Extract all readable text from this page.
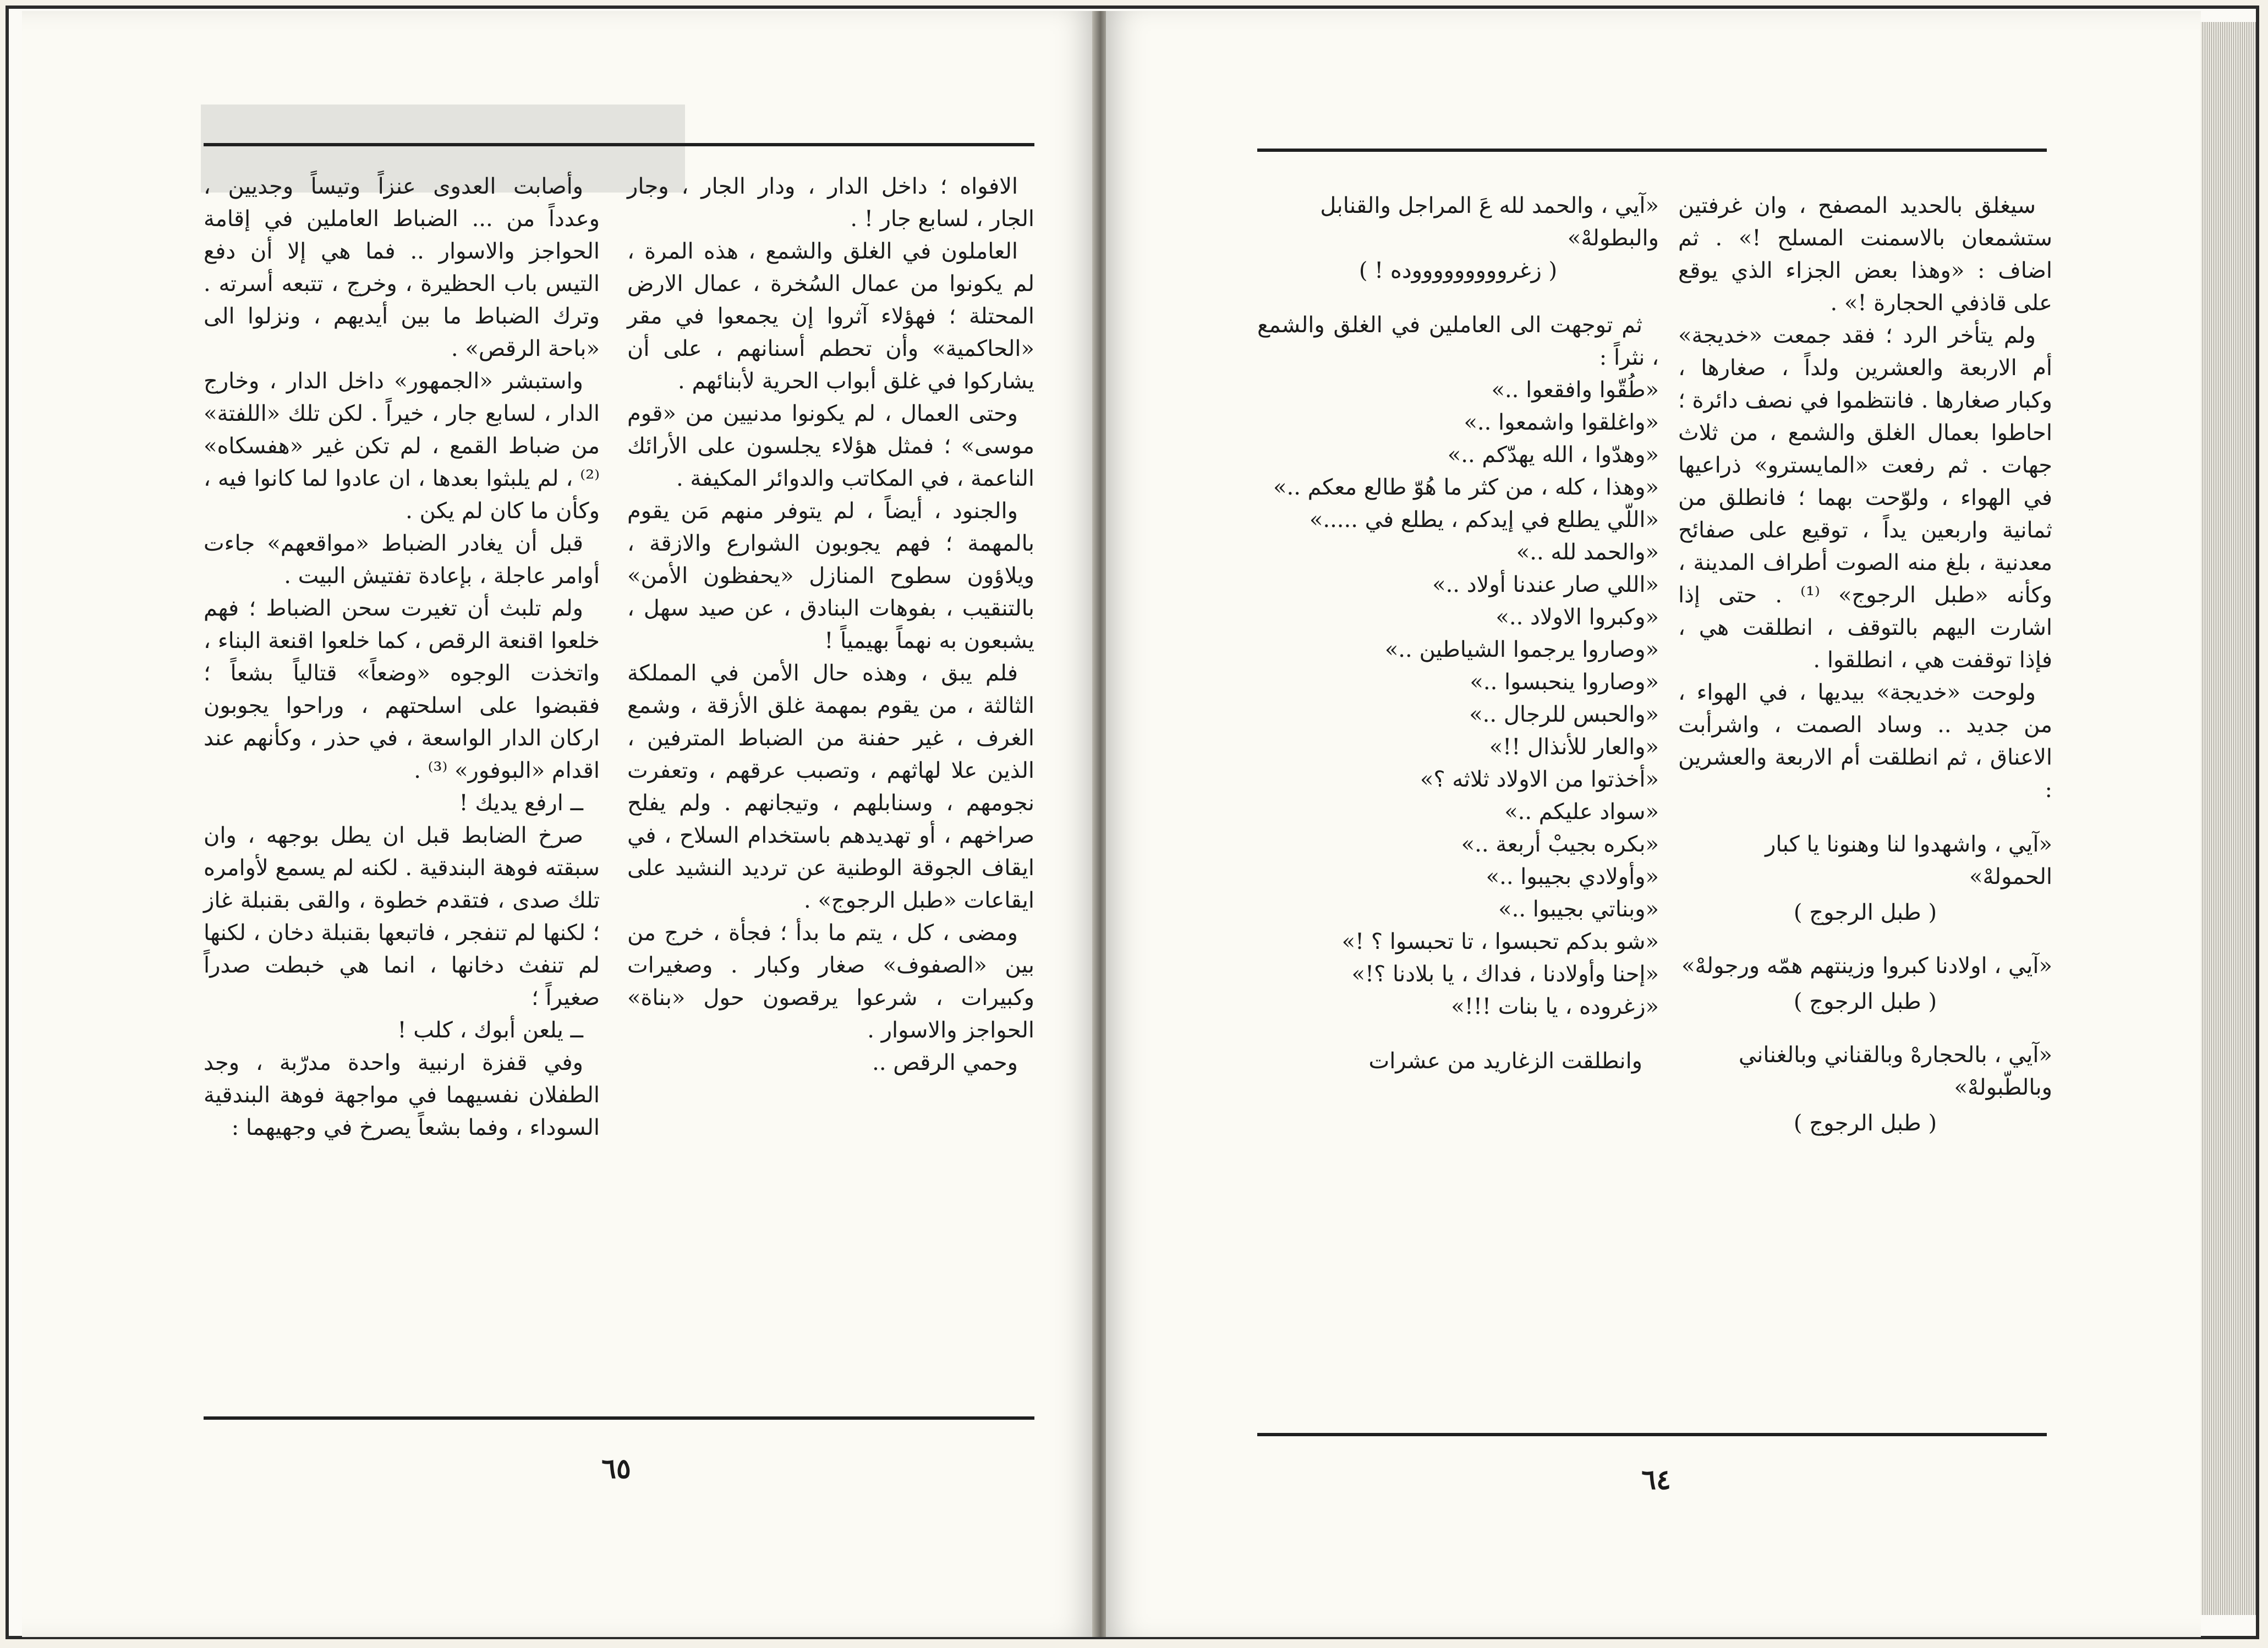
الافواه ؛ داخل الدار ، ودار الجار ، وجار الجار ، لسابع جار ! .

العاملون في الغلق والشمع ، هذه المرة ، لم يكونوا من عمال السُخرة ، عمال الارض المحتلة ؛ فهؤلاء آثروا إن يجمعوا في مقر «الحاكمية» وأن تحطم أسنانهم ، على أن يشاركوا في غلق أبواب الحرية لأبنائهم .

وحتى العمال ، لم يكونوا مدنيين من «قوم موسى» ؛ فمثل هؤلاء يجلسون على الأرائك الناعمة ، في المكاتب والدوائر المكيفة .

والجنود ، أيضاً ، لم يتوفر منهم مَن يقوم بالمهمة ؛ فهم يجوبون الشوارع والازقة ، ويلاؤون سطوح المنازل «يحفظون الأمن» بالتنقيب ، بفوهات البنادق ، عن صيد سهل ، يشبعون به نهماً بهيمياً !

فلم يبق ، وهذه حال الأمن في المملكة الثالثة ، من يقوم بمهمة غلق الأزقة ، وشمع الغرف ، غير حفنة من الضباط المترفين ، الذين علا لهاثهم ، وتصبب عرقهم ، وتعفرت نجومهم ، وسنابلهم ، وتيجانهم . ولم يفلح صراخهم ، أو تهديدهم باستخدام السلاح ، في ايقاف الجوقة الوطنية عن ترديد النشيد على ايقاعات «طبل الرجوج» .

ومضى ، كل ، يتم ما بدأ ؛ فجأة ، خرج من بين «الصفوف» صغار وكبار . وصغيرات وكبيرات ، شرعوا يرقصون حول «بناة» الحواجز والاسوار .

وحمي الرقص ..

وأصابت العدوى عنزاً وتيساً وجديين ، وعدداً من ... الضباط العاملين في إقامة الحواجز والاسوار .. فما هي إلا أن دفع التيس باب الحظيرة ، وخرج ، تتبعه أسرته . وترك الضباط ما بين أيديهم ، ونزلوا الى «باحة الرقص» .

واستبشر «الجمهور» داخل الدار ، وخارج الدار ، لسابع جار ، خيراً . لكن تلك «اللفتة» من ضباط القمع ، لم تكن غير «هفسكاه» ⁽²⁾ ، لم يلبثوا بعدها ، ان عادوا لما كانوا فيه ، وكأن ما كان لم يكن .

قبل أن يغادر الضباط «مواقعهم» جاءت أوامر عاجلة ، بإعادة تفتيش البيت .

ولم تلبث أن تغيرت سحن الضباط ؛ فهم خلعوا اقنعة الرقص ، كما خلعوا اقنعة البناء ، واتخذت الوجوه «وضعاً» قتالياً بشعاً ؛ فقبضوا على اسلحتهم ، وراحوا يجوبون اركان الدار الواسعة ، في حذر ، وكأنهم عند اقدام «البوفور» ⁽³⁾ .

ــ ارفع يديك !

صرخ الضابط قبل ان يطل بوجهه ، وان سبقته فوهة البندقية . لكنه لم يسمع لأوامره تلك صدى ، فتقدم خطوة ، والقى بقنبلة غاز ؛ لكنها لم تنفجر ، فاتبعها بقنبلة دخان ، لكنها لم تنفث دخانها ، انما هي خبطت صدراً صغيراً ؛

ــ يلعن أبوك ، كلب !

وفي قفزة ارنبية واحدة مدرّبة ، وجد الطفلان نفسيهما في مواجهة فوهة البندقية السوداء ، وفما بشعاً يصرخ في وجهيهما :

٦٥

سيغلق بالحديد المصفح ، وان غرفتين ستشمعان بالاسمنت المسلح !» . ثم اضاف : «وهذا بعض الجزاء الذي يوقع على قاذفي الحجارة !» .

ولم يتأخر الرد ؛ فقد جمعت «خديجة» أم الاربعة والعشرين ولداً ، صغارها ، وكبار صغارها . فانتظموا في نصف دائرة ؛ احاطوا بعمال الغلق والشمع ، من ثلاث جهات . ثم رفعت «المايسترو» ذراعيها في الهواء ، ولوّحت بهما ؛ فانطلق من ثمانية واربعين يداً ، توقيع على صفائح معدنية ، بلغ منه الصوت أطراف المدينة ، وكأنه «طبل الرجوج» ⁽¹⁾ . حتى إذا اشارت اليهم بالتوقف ، انطلقت هي ، فإذا توقفت هي ، انطلقوا .

ولوحت «خديجة» بيديها ، في الهواء ، من جديد .. وساد الصمت ، واشرأبت الاعناق ، ثم انطلقت أم الاربعة والعشرين :

«آيي ، واشهدوا لنا وهنونا يا كبار الحمولهْ»

( طبل الرجوج )

«آيي ، اولادنا كبروا وزينتهم همّه ورجولهْ»

( طبل الرجوج )

«آيي ، بالحجارهْ وبالقناني وبالغناني وبالطّبولهْ»

( طبل الرجوج )

«آيي ، والحمد لله عَ المراجل والقنابل والبطولهْ»

( زغروووووووووده ! )

ثم توجهت الى العاملين في الغلق والشمع ، نثراً :

«طُقّوا وافقعوا ..»

«واغلقوا واشمعوا ..»

«وهدّوا ، الله يهدّكم ..»

«وهذا ، كله ، من كثر ما هُوّ طالع معكم ..»

«اللّي يطلع في إيدكم ، يطلع في .....»

«والحمد لله ..»

«اللي صار عندنا أولاد ..»

«وكبروا الاولاد ..»

«وصاروا يرجموا الشياطين ..»

«وصاروا ينحبسوا ..»

«والحبس للرجال ..»

«والعار للأنذال !!»

«أخذتوا من الاولاد ثلاثه ؟»

«سواد عليكم ..»

«بكره بجيبْ أربعة ..»

«وأولادي بجيبوا ..»

«وبناتي بجيبوا ..»

«شو بدكم تحبسوا ، تا تحبسوا ؟ !»

«إحنا وأولادنا ، فداك ، يا بلادنا ؟!»

«زغروده ، يا بنات !!!»

وانطلقت الزغاريد من عشرات

٦٤
